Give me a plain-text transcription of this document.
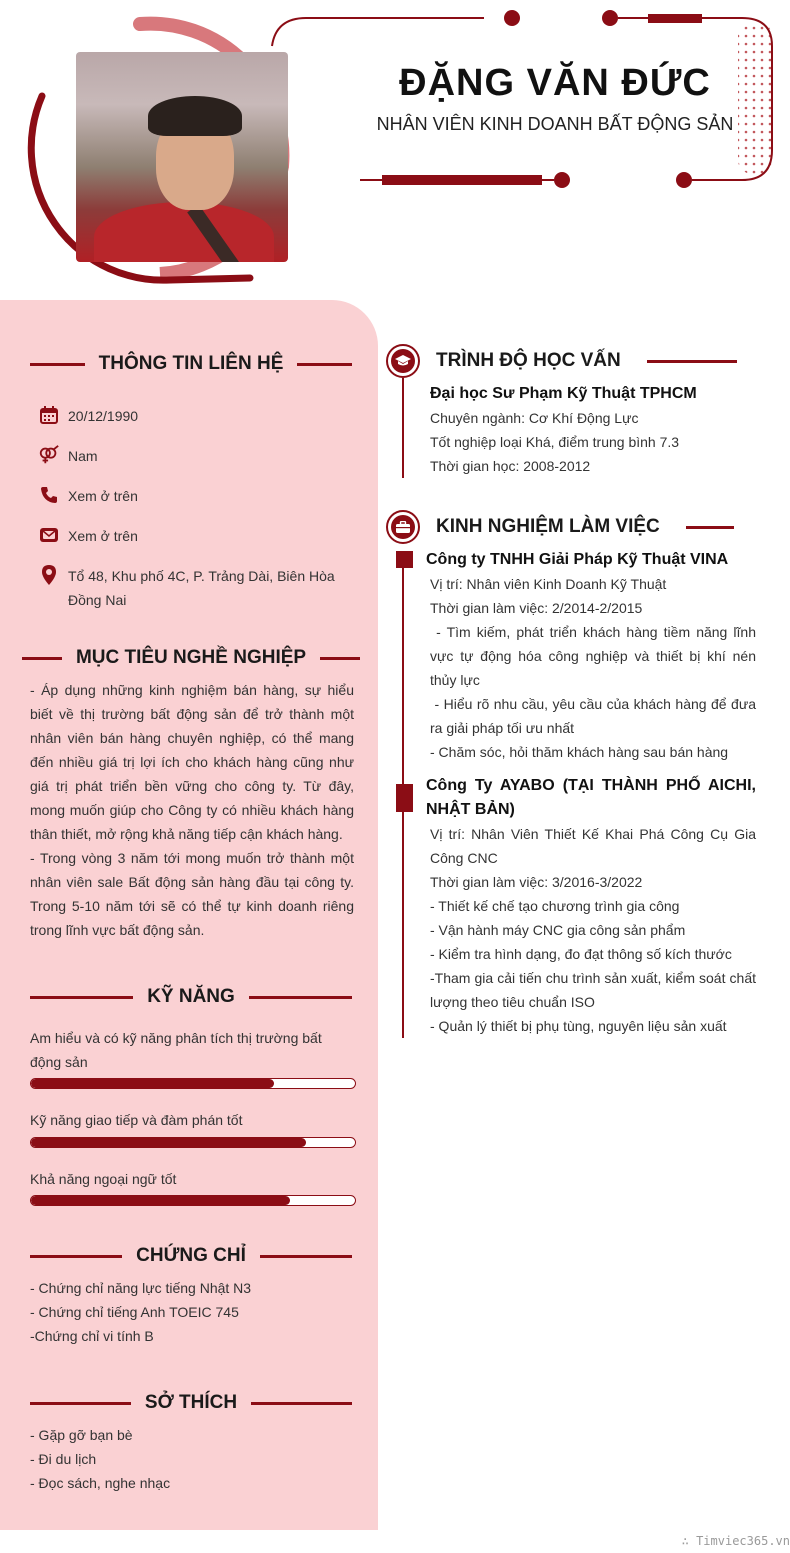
ĐẶNG VĂN ĐỨC
NHÂN VIÊN KINH DOANH BẤT ĐỘNG SẢN
THÔNG TIN LIÊN HỆ
20/12/1990
Nam
Xem ở trên
Xem ở trên
Tổ 48, Khu phố 4C, P. Trảng Dài, Biên Hòa Đồng Nai
MỤC TIÊU NGHỀ NGHIỆP
- Áp dụng những kinh nghiệm bán hàng, sự hiểu biết về thị trường bất động sản để trở thành một nhân viên bán hàng chuyên nghiệp, có thể mang đến nhiều giá trị lợi ích cho khách hàng cũng như giá trị phát triển bền vững cho công ty. Từ đây, mong muốn giúp cho Công ty có nhiều khách hàng thân thiết, mở rộng khả năng tiếp cận khách hàng.
- Trong vòng 3 năm tới mong muốn trở thành một nhân viên sale Bất động sản hàng đầu tại công ty. Trong 5-10 năm tới sẽ có thể tự kinh doanh riêng trong lĩnh vực bất động sản.
KỸ NĂNG
Am hiểu và có kỹ năng phân tích thị trường bất động sản
Kỹ năng giao tiếp và đàm phán tốt
Khả năng ngoại ngữ tốt
CHỨNG CHỈ
- Chứng chỉ năng lực tiếng Nhật N3
- Chứng chỉ tiếng Anh TOEIC 745
-Chứng chỉ vi tính B
SỞ THÍCH
- Gặp gỡ bạn bè
- Đi du lịch
- Đọc sách, nghe nhạc
TRÌNH ĐỘ HỌC VẤN
Đại học Sư Phạm Kỹ Thuật TPHCM
Chuyên ngành: Cơ Khí Động Lực
Tốt nghiệp loại Khá, điểm trung bình 7.3
Thời gian học: 2008-2012
KINH NGHIỆM LÀM VIỆC
Công ty TNHH Giải Pháp Kỹ Thuật VINA
Vị trí: Nhân viên Kinh Doanh Kỹ Thuật
Thời gian làm việc: 2/2014-2/2015
- Tìm kiếm, phát triển khách hàng tiềm năng lĩnh vực tự động hóa công nghiệp và thiết bị khí nén thủy lực
- Hiểu rõ nhu cầu, yêu cầu của khách hàng để đưa ra giải pháp tối ưu nhất
- Chăm sóc, hỏi thăm khách hàng sau bán hàng
Công Ty AYABO (TẠI THÀNH PHỐ AICHI, NHẬT BẢN)
Vị trí: Nhân Viên Thiết Kế Khai Phá Công Cụ Gia Công CNC
Thời gian làm việc: 3/2016-3/2022
- Thiết kế chế tạo chương trình gia công
- Vận hành máy CNC gia công sản phẩm
- Kiểm tra hình dạng, đo đạt thông số kích thước
-Tham gia cải tiến chu trình sản xuất, kiểm soát chất lượng theo tiêu chuẩn ISO
- Quản lý thiết bị phụ tùng, nguyên liệu sản xuất
∴ Timviec365.vn
